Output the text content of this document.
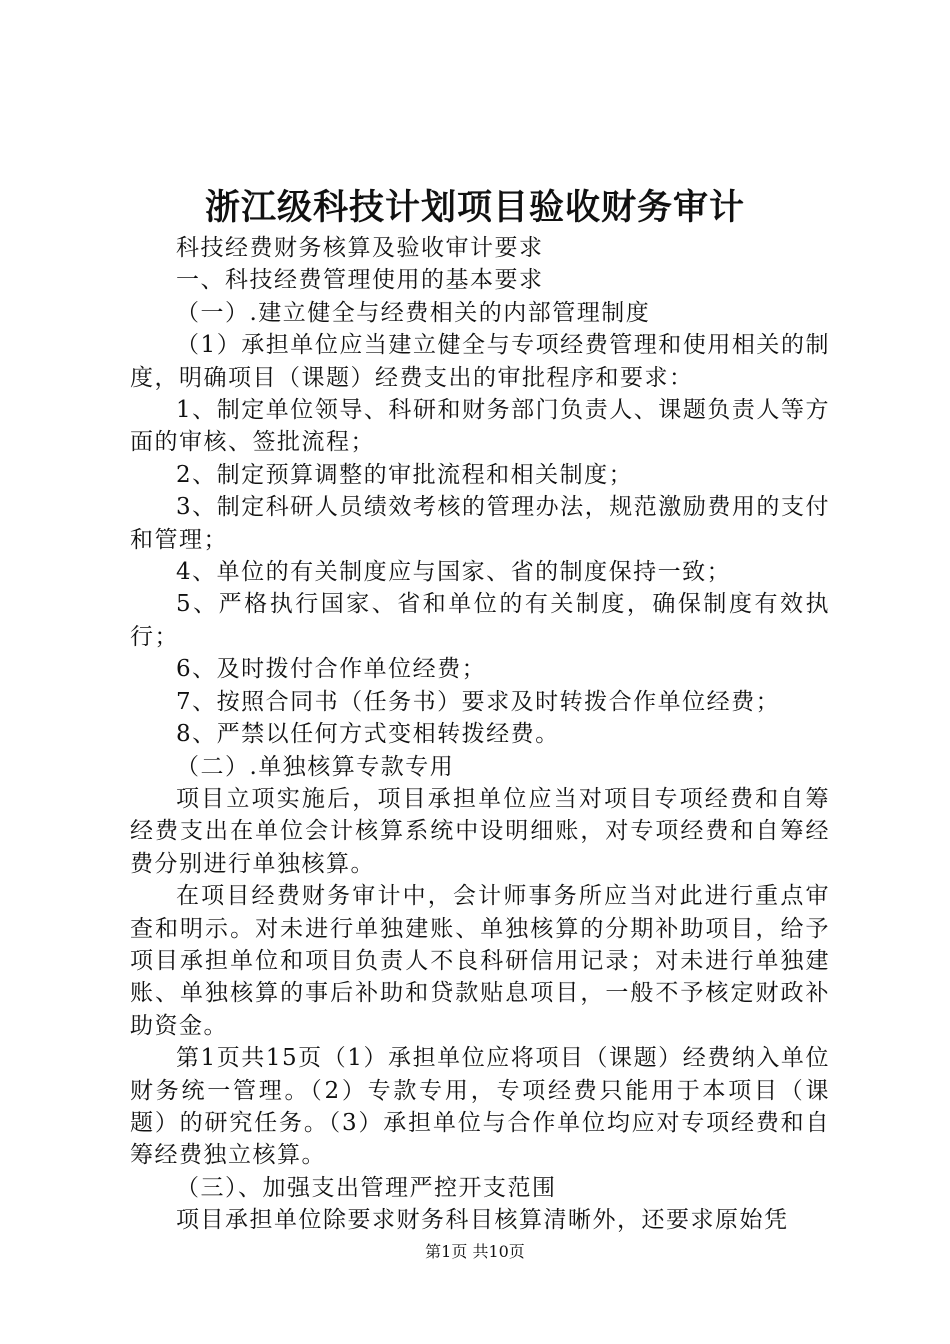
浙江级科技计划项目验收财务审计

科技经费财务核算及验收审计要求

一、科技经费管理使用的基本要求

（一）.建立健全与经费相关的内部管理制度

（1）承担单位应当建立健全与专项经费管理和使用相关的制度，明确项目（课题）经费支出的审批程序和要求：

1、制定单位领导、科研和财务部门负责人、课题负责人等方面的审核、签批流程；

2、制定预算调整的审批流程和相关制度；

3、制定科研人员绩效考核的管理办法，规范激励费用的支付和管理；

4、单位的有关制度应与国家、省的制度保持一致；

5、严格执行国家、省和单位的有关制度，确保制度有效执行；

6、及时拨付合作单位经费；

7、按照合同书（任务书）要求及时转拨合作单位经费；

8、严禁以任何方式变相转拨经费。

（二）.单独核算专款专用

项目立项实施后，项目承担单位应当对项目专项经费和自筹经费支出在单位会计核算系统中设明细账，对专项经费和自筹经费分别进行单独核算。

在项目经费财务审计中，会计师事务所应当对此进行重点审查和明示。对未进行单独建账、单独核算的分期补助项目，给予项目承担单位和项目负责人不良科研信用记录；对未进行单独建账、单独核算的事后补助和贷款贴息项目，一般不予核定财政补助资金。

第1页共15页（1）承担单位应将项目（课题）经费纳入单位财务统一管理。（2）专款专用，专项经费只能用于本项目（课题）的研究任务。（3）承担单位与合作单位均应对专项经费和自筹经费独立核算。

（三）、加强支出管理严控开支范围

项目承担单位除要求财务科目核算清晰外，还要求原始凭

第1页 共10页
